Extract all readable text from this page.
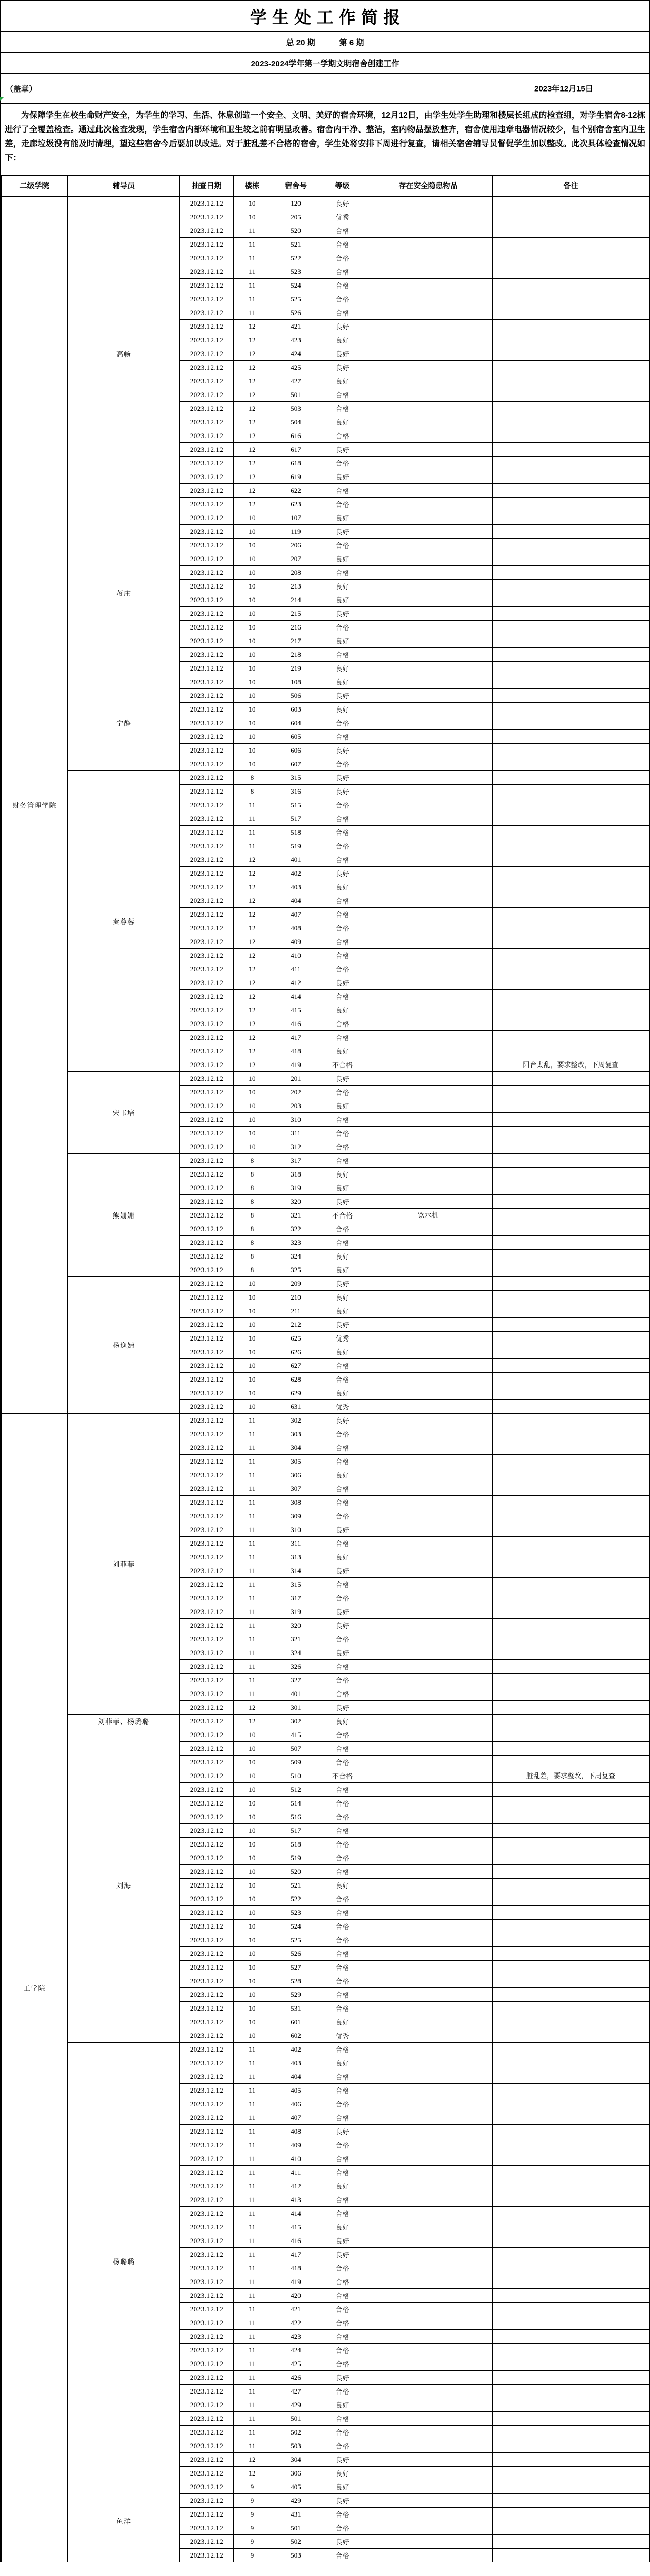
学生处工作简报
总 20 期	第 6 期
2023-2024学年第一学期文明宿舍创建工作
（盖章）	2023年12月15日

为保障学生在校生命财产安全，为学生的学习、生活、休息创造一个安全、文明、美好的宿舍环境，12月12日，由学生处学生助理和楼层长组成的检查组，对学生宿舍8-12栋进行了全覆盖检查。通过此次检查发现，学生宿舍内部环境和卫生较之前有明显改善。宿舍内干净、整洁，室内物品摆放整齐，宿舍使用违章电器情况较少，但个别宿舍室内卫生差，走廊垃圾没有能及时清理，望这些宿舍今后要加以改进。对于脏乱差不合格的宿舍，学生处将安排下周进行复查，请相关宿舍辅导员督促学生加以整改。此次具体检查情况如下：

二级学院	辅导员	抽查日期	楼栋	宿舍号	等级	存在安全隐患物品	备注
财务管理学院	高畅	2023.12.12	10	120	良好		
		2023.12.12	10	205	优秀		
		2023.12.12	11	520	合格		
		2023.12.12	11	521	合格		
		2023.12.12	11	522	合格		
		2023.12.12	11	523	合格		
		2023.12.12	11	524	合格		
		2023.12.12	11	525	合格		
		2023.12.12	11	526	合格		
		2023.12.12	12	421	良好		
		2023.12.12	12	423	良好		
		2023.12.12	12	424	良好		
		2023.12.12	12	425	良好		
		2023.12.12	12	427	良好		
		2023.12.12	12	501	合格		
		2023.12.12	12	503	合格		
		2023.12.12	12	504	良好		
		2023.12.12	12	616	合格		
		2023.12.12	12	617	良好		
		2023.12.12	12	618	合格		
		2023.12.12	12	619	良好		
		2023.12.12	12	622	合格		
		2023.12.12	12	623	合格		
	蒋庄	2023.12.12	10	107	良好		
		2023.12.12	10	119	良好		
		2023.12.12	10	206	合格		
		2023.12.12	10	207	良好		
		2023.12.12	10	208	合格		
		2023.12.12	10	213	良好		
		2023.12.12	10	214	良好		
		2023.12.12	10	215	良好		
		2023.12.12	10	216	合格		
		2023.12.12	10	217	良好		
		2023.12.12	10	218	合格		
		2023.12.12	10	219	良好		
	宁静	2023.12.12	10	108	良好		
		2023.12.12	10	506	良好		
		2023.12.12	10	603	良好		
		2023.12.12	10	604	合格		
		2023.12.12	10	605	合格		
		2023.12.12	10	606	良好		
		2023.12.12	10	607	合格		
	秦蓉蓉	2023.12.12	8	315	良好		
		2023.12.12	8	316	良好		
		2023.12.12	11	515	合格		
		2023.12.12	11	517	合格		
		2023.12.12	11	518	合格		
		2023.12.12	11	519	合格		
		2023.12.12	12	401	合格		
		2023.12.12	12	402	良好		
		2023.12.12	12	403	良好		
		2023.12.12	12	404	合格		
		2023.12.12	12	407	合格		
		2023.12.12	12	408	合格		
		2023.12.12	12	409	合格		
		2023.12.12	12	410	合格		
		2023.12.12	12	411	合格		
		2023.12.12	12	412	良好		
		2023.12.12	12	414	合格		
		2023.12.12	12	415	良好		
		2023.12.12	12	416	合格		
		2023.12.12	12	417	合格		
		2023.12.12	12	418	良好		
		2023.12.12	12	419	不合格		阳台太乱，要求整改，下周复查
	宋书培	2023.12.12	10	201	良好		
		2023.12.12	10	202	合格		
		2023.12.12	10	203	良好		
		2023.12.12	10	310	合格		
		2023.12.12	10	311	合格		
		2023.12.12	10	312	合格		
	熊姗姗	2023.12.12	8	317	合格		
		2023.12.12	8	318	良好		
		2023.12.12	8	319	良好		
		2023.12.12	8	320	良好		
		2023.12.12	8	321	不合格	饮水机	
		2023.12.12	8	322	合格		
		2023.12.12	8	323	合格		
		2023.12.12	8	324	良好		
		2023.12.12	8	325	良好		
	杨逸婧	2023.12.12	10	209	良好		
		2023.12.12	10	210	良好		
		2023.12.12	10	211	良好		
		2023.12.12	10	212	良好		
		2023.12.12	10	625	优秀		
		2023.12.12	10	626	良好		
		2023.12.12	10	627	合格		
		2023.12.12	10	628	合格		
		2023.12.12	10	629	良好		
		2023.12.12	10	631	优秀		
工学院	刘菲菲	2023.12.12	11	302	良好		
		2023.12.12	11	303	合格		
		2023.12.12	11	304	合格		
		2023.12.12	11	305	合格		
		2023.12.12	11	306	良好		
		2023.12.12	11	307	合格		
		2023.12.12	11	308	合格		
		2023.12.12	11	309	合格		
		2023.12.12	11	310	良好		
		2023.12.12	11	311	合格		
		2023.12.12	11	313	良好		
		2023.12.12	11	314	良好		
		2023.12.12	11	315	合格		
		2023.12.12	11	317	合格		
		2023.12.12	11	319	良好		
		2023.12.12	11	320	良好		
		2023.12.12	11	321	合格		
		2023.12.12	11	324	良好		
		2023.12.12	11	326	合格		
		2023.12.12	11	327	合格		
		2023.12.12	11	401	合格		
		2023.12.12	12	301	良好		
	刘菲菲、杨璐璐	2023.12.12	12	302	良好		
	刘海	2023.12.12	10	415	合格		
		2023.12.12	10	507	合格		
		2023.12.12	10	509	合格		
		2023.12.12	10	510	不合格		脏乱差，要求整改，下周复查
		2023.12.12	10	512	合格		
		2023.12.12	10	514	合格		
		2023.12.12	10	516	合格		
		2023.12.12	10	517	合格		
		2023.12.12	10	518	合格		
		2023.12.12	10	519	合格		
		2023.12.12	10	520	合格		
		2023.12.12	10	521	良好		
		2023.12.12	10	522	合格		
		2023.12.12	10	523	合格		
		2023.12.12	10	524	合格		
		2023.12.12	10	525	合格		
		2023.12.12	10	526	合格		
		2023.12.12	10	527	合格		
		2023.12.12	10	528	合格		
		2023.12.12	10	529	合格		
		2023.12.12	10	531	合格		
		2023.12.12	10	601	良好		
		2023.12.12	10	602	优秀		
	杨璐璐	2023.12.12	11	402	合格		
		2023.12.12	11	403	良好		
		2023.12.12	11	404	合格		
		2023.12.12	11	405	合格		
		2023.12.12	11	406	合格		
		2023.12.12	11	407	合格		
		2023.12.12	11	408	良好		
		2023.12.12	11	409	合格		
		2023.12.12	11	410	合格		
		2023.12.12	11	411	合格		
		2023.12.12	11	412	良好		
		2023.12.12	11	413	合格		
		2023.12.12	11	414	合格		
		2023.12.12	11	415	良好		
		2023.12.12	11	416	良好		
		2023.12.12	11	417	良好		
		2023.12.12	11	418	合格		
		2023.12.12	11	419	合格		
		2023.12.12	11	420	合格		
		2023.12.12	11	421	合格		
		2023.12.12	11	422	合格		
		2023.12.12	11	423	合格		
		2023.12.12	11	424	合格		
		2023.12.12	11	425	合格		
		2023.12.12	11	426	良好		
		2023.12.12	11	427	合格		
		2023.12.12	11	429	良好		
		2023.12.12	11	501	合格		
		2023.12.12	11	502	合格		
		2023.12.12	11	503	合格		
		2023.12.12	12	304	良好		
		2023.12.12	12	306	良好		
	鱼洋	2023.12.12	9	405	良好		
		2023.12.12	9	429	良好		
		2023.12.12	9	431	合格		
		2023.12.12	9	501	合格		
		2023.12.12	9	502	良好		
		2023.12.12	9	503	合格		
